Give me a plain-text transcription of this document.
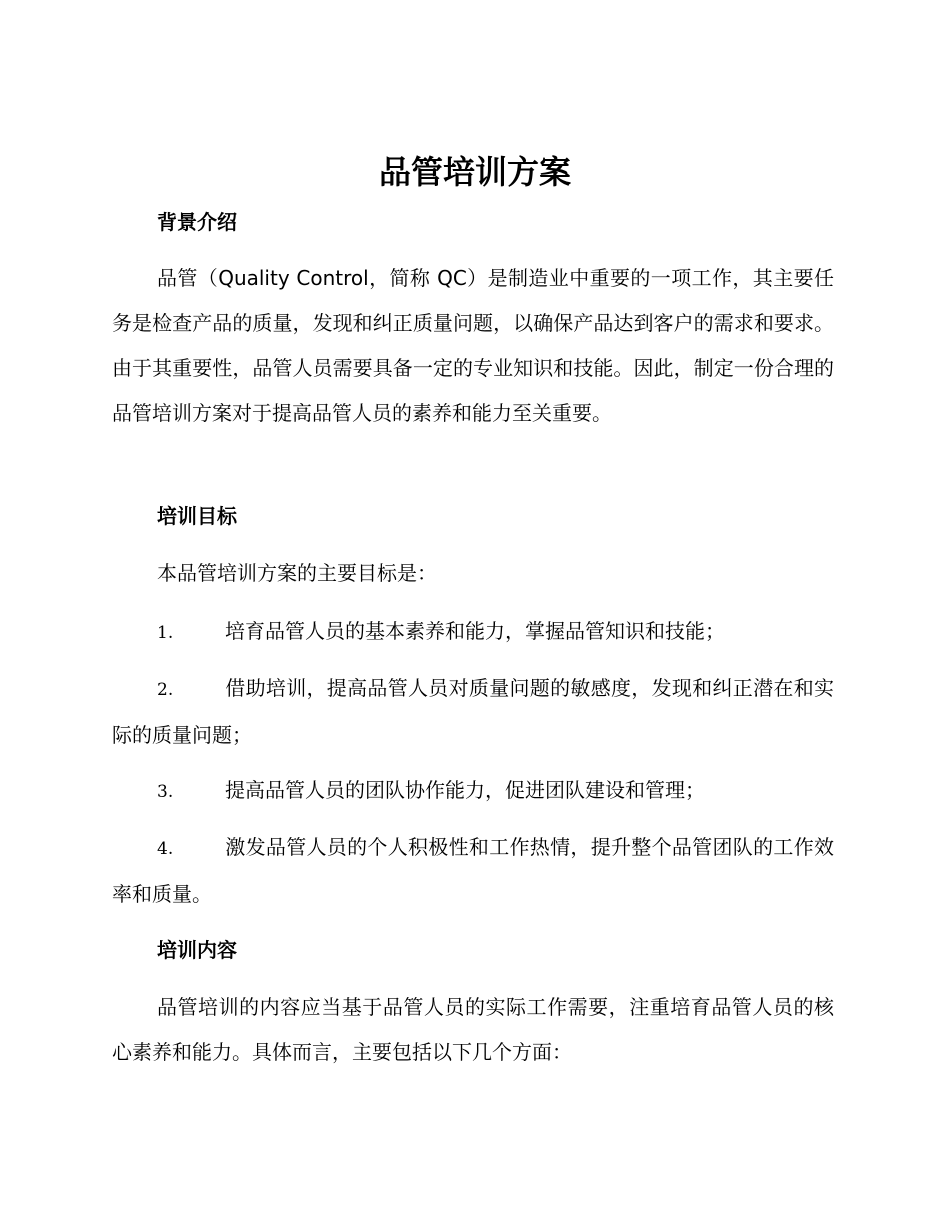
品管培训方案
背景介绍

品管（Quality Control，简称 QC）是制造业中重要的一项工作，其主要任务是检查产品的质量，发现和纠正质量问题，以确保产品达到客户的需求和要求。由于其重要性，品管人员需要具备一定的专业知识和技能。因此，制定一份合理的品管培训方案对于提高品管人员的素养和能力至关重要。

培训目标

本品管培训方案的主要目标是：

1.	培育品管人员的基本素养和能力，掌握品管知识和技能；

2.	借助培训，提高品管人员对质量问题的敏感度，发现和纠正潜在和实际的质量问题；

3.	提高品管人员的团队协作能力，促进团队建设和管理；

4.	激发品管人员的个人积极性和工作热情，提升整个品管团队的工作效率和质量。

培训内容

品管培训的内容应当基于品管人员的实际工作需要，注重培育品管人员的核心素养和能力。具体而言，主要包括以下几个方面：
